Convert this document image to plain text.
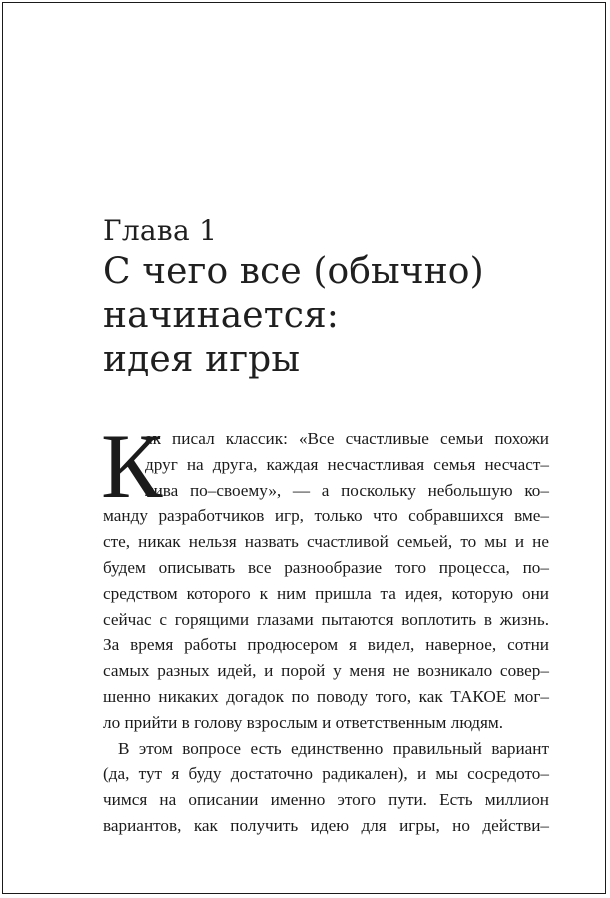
Глава 1
С чего все (обычно)
начинается:
идея игры
К
ак писал классик: «Все счастливые семьи похожи
друг на друга, каждая несчастливая семья несчаст–
лива по–своему», — а поскольку небольшую ко–
манду разработчиков игр, только что собравшихся вме–
сте, никак нельзя назвать счастливой семьей, то мы и не
будем описывать все разнообразие того процесса, по–
средством которого к ним пришла та идея, которую они
сейчас с горящими глазами пытаются воплотить в жизнь.
За время работы продюсером я видел, наверное, сотни
самых разных идей, и порой у меня не возникало совер–
шенно никаких догадок по поводу того, как ТАКОЕ мог–
ло прийти в голову взрослым и ответственным людям.
В этом вопросе есть единственно правильный вариант
(да, тут я буду достаточно радикален), и мы сосредото–
чимся на описании именно этого пути. Есть миллион
вариантов, как получить идею для игры, но действи–
